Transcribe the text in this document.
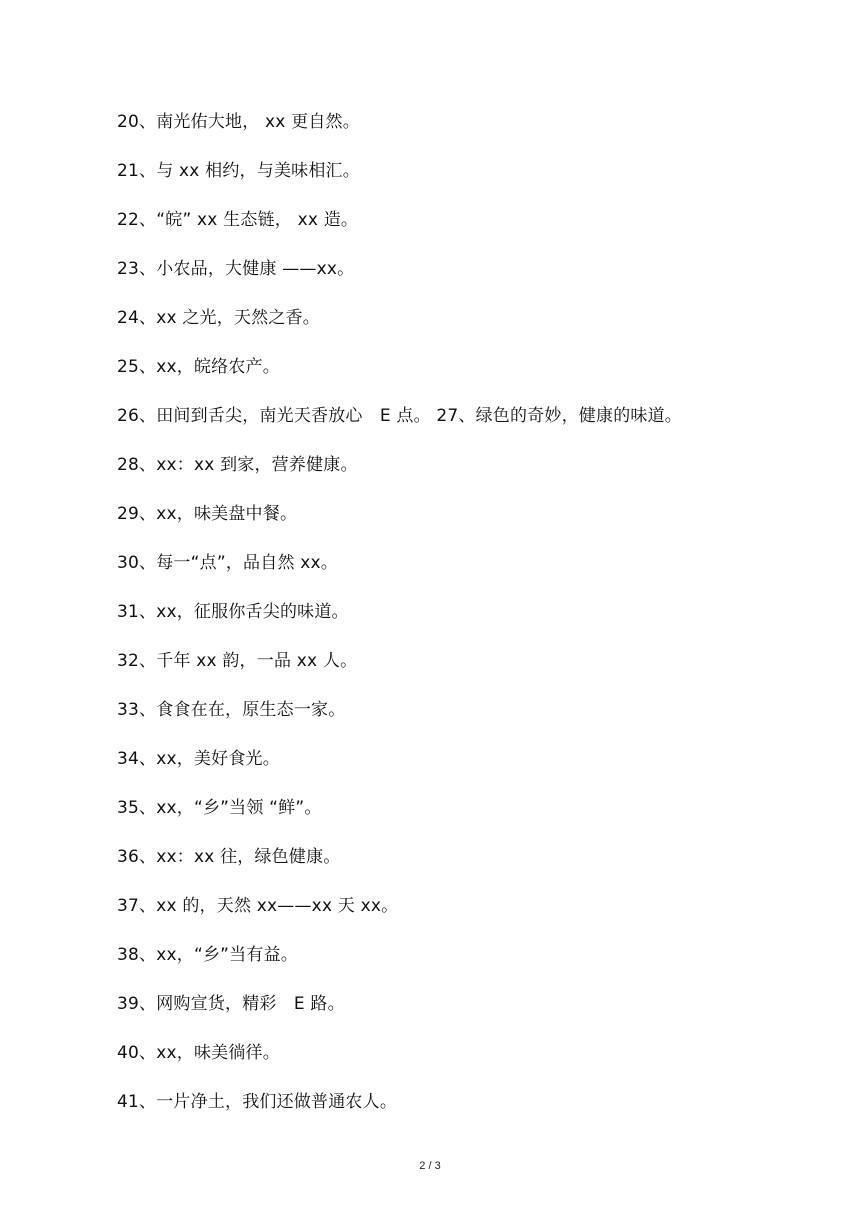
20、南光佑大地， xx 更自然。
21、与 xx 相约，与美味相汇。
22、“皖” xx 生态链， xx 造。
23、小农品，大健康 ——xx。
24、xx 之光，天然之香。
25、xx，皖络农产。
26、田间到舌尖，南光天香放心　E 点。 27、绿色的奇妙，健康的味道。
28、xx：xx 到家，营养健康。
29、xx，味美盘中餐。
30、每一“点”，品自然 xx。
31、xx，征服你舌尖的味道。
32、千年 xx 韵，一品 xx 人。
33、食食在在，原生态一家。
34、xx，美好食光。
35、xx，“乡”当领 “鲜”。
36、xx：xx 往，绿色健康。
37、xx 的，天然 xx——xx 天 xx。
38、xx，“乡”当有益。
39、网购宣货，精彩　E 路。
40、xx，味美徜徉。
41、一片净土，我们还做普通农人。
2 / 3
